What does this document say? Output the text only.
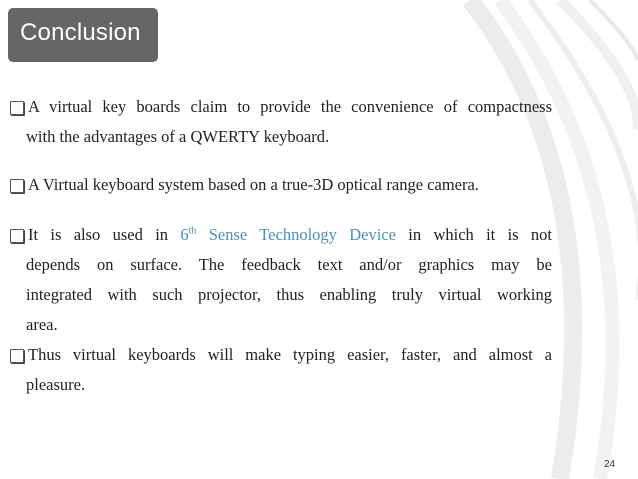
Conclusion
A virtual key boards claim to provide the convenience of compactness
with the advantages of a QWERTY keyboard.
A Virtual keyboard system based on a true-3D optical range camera.
It is also used in 6th Sense Technology Device in which it is not
depends on surface. The feedback text and/or graphics may be
integrated with such projector, thus enabling truly virtual working
area.
Thus virtual keyboards will make typing easier, faster, and almost a
pleasure.
24
